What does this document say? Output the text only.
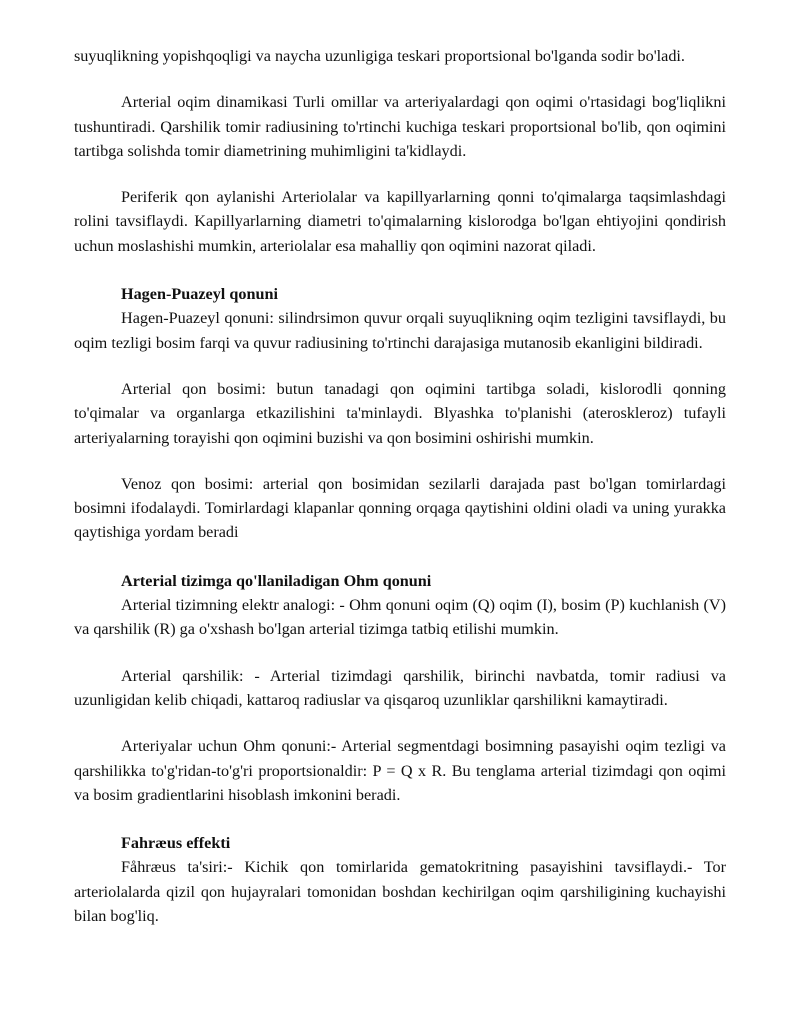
suyuqlikning yopishqoqligi va naycha uzunligiga teskari proportsional bo'lganda sodir bo'ladi.

Arterial oqim dinamikasi Turli omillar va arteriyalardagi qon oqimi o'rtasidagi bog'liqlikni tushuntiradi. Qarshilik tomir radiusining to'rtinchi kuchiga teskari proportsional bo'lib, qon oqimini tartibga solishda tomir diametrining muhimligini ta'kidlaydi.

Periferik qon aylanishi Arteriolalar va kapillyarlarning qonni to'qimalarga taqsimlashdagi rolini tavsiflaydi. Kapillyarlarning diametri to'qimalarning kislorodga bo'lgan ehtiyojini qondirish uchun moslashishi mumkin, arteriolalar esa mahalliy qon oqimini nazorat qiladi.

Hagen-Puazeyl qonuni

Hagen-Puazeyl qonuni: silindrsimon quvur orqali suyuqlikning oqim tezligini tavsiflaydi, bu oqim tezligi bosim farqi va quvur radiusining to'rtinchi darajasiga mutanosib ekanligini bildiradi.

Arterial qon bosimi: butun tanadagi qon oqimini tartibga soladi, kislorodli qonning to'qimalar va organlarga etkazilishini ta'minlaydi. Blyashka to'planishi (ateroskleroz) tufayli arteriyalarning torayishi qon oqimini buzishi va qon bosimini oshirishi mumkin.

Venoz qon bosimi: arterial qon bosimidan sezilarli darajada past bo'lgan tomirlardagi bosimni ifodalaydi. Tomirlardagi klapanlar qonning orqaga qaytishini oldini oladi va uning yurakka qaytishiga yordam beradi

Arterial tizimga qo'llaniladigan Ohm qonuni

Arterial tizimning elektr analogi: - Ohm qonuni oqim (Q) oqim (I), bosim (P) kuchlanish (V) va qarshilik (R) ga o'xshash bo'lgan arterial tizimga tatbiq etilishi mumkin.

Arterial qarshilik: - Arterial tizimdagi qarshilik, birinchi navbatda, tomir radiusi va uzunligidan kelib chiqadi, kattaroq radiuslar va qisqaroq uzunliklar qarshilikni kamaytiradi.

Arteriyalar uchun Ohm qonuni:- Arterial segmentdagi bosimning pasayishi oqim tezligi va qarshilikka to'g'ridan-to'g'ri proportsionaldir: P = Q x R. Bu tenglama arterial tizimdagi qon oqimi va bosim gradientlarini hisoblash imkonini beradi.

Fahræus effekti

Fåhræus ta'siri:- Kichik qon tomirlarida gematokritning pasayishini tavsiflaydi.- Tor arteriolalarda qizil qon hujayralari tomonidan boshdan kechirilgan oqim qarshiligining kuchayishi bilan bog'liq.
